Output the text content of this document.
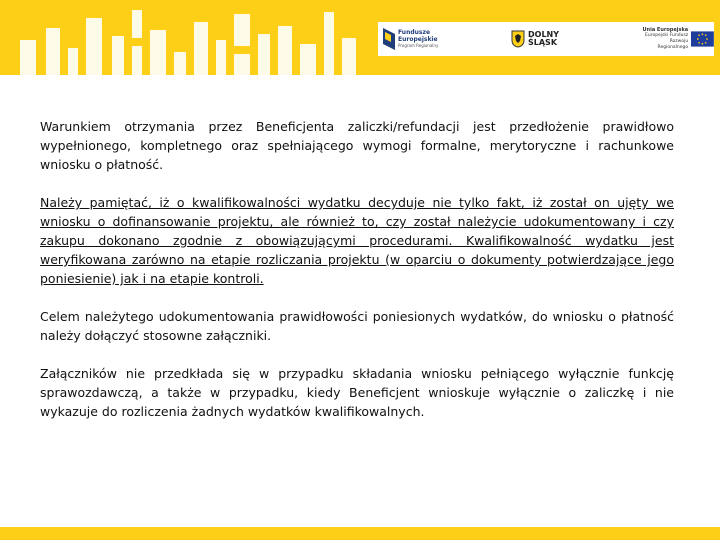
Fundusze
Europejskie
Program Regionalny
DOLNY
ŚLĄSK
Unia Europejska
Europejski Fundusz
Rozwoju Regionalnego

Warunkiem otrzymania przez Beneficjenta zaliczki/refundacji jest przedłożenie prawidłowo wypełnionego, kompletnego oraz spełniającego wymogi formalne, merytoryczne i rachunkowe wniosku o płatność.

Należy pamiętać, iż o kwalifikowalności wydatku decyduje nie tylko fakt, iż został on ujęty we wniosku o dofinansowanie projektu, ale również to, czy został należycie udokumentowany i czy zakupu dokonano zgodnie z obowiązującymi procedurami. Kwalifikowalność wydatku jest weryfikowana zarówno na etapie rozliczania projektu (w oparciu o dokumenty potwierdzające jego poniesienie) jak i na etapie kontroli.

Celem należytego udokumentowania prawidłowości poniesionych wydatków, do wniosku o płatność należy dołączyć stosowne załączniki.

Załączników nie przedkłada się w przypadku składania wniosku pełniącego wyłącznie funkcję sprawozdawczą, a także w przypadku, kiedy Beneficjent wnioskuje wyłącznie o zaliczkę i nie wykazuje do rozliczenia żadnych wydatków kwalifikowalnych.
